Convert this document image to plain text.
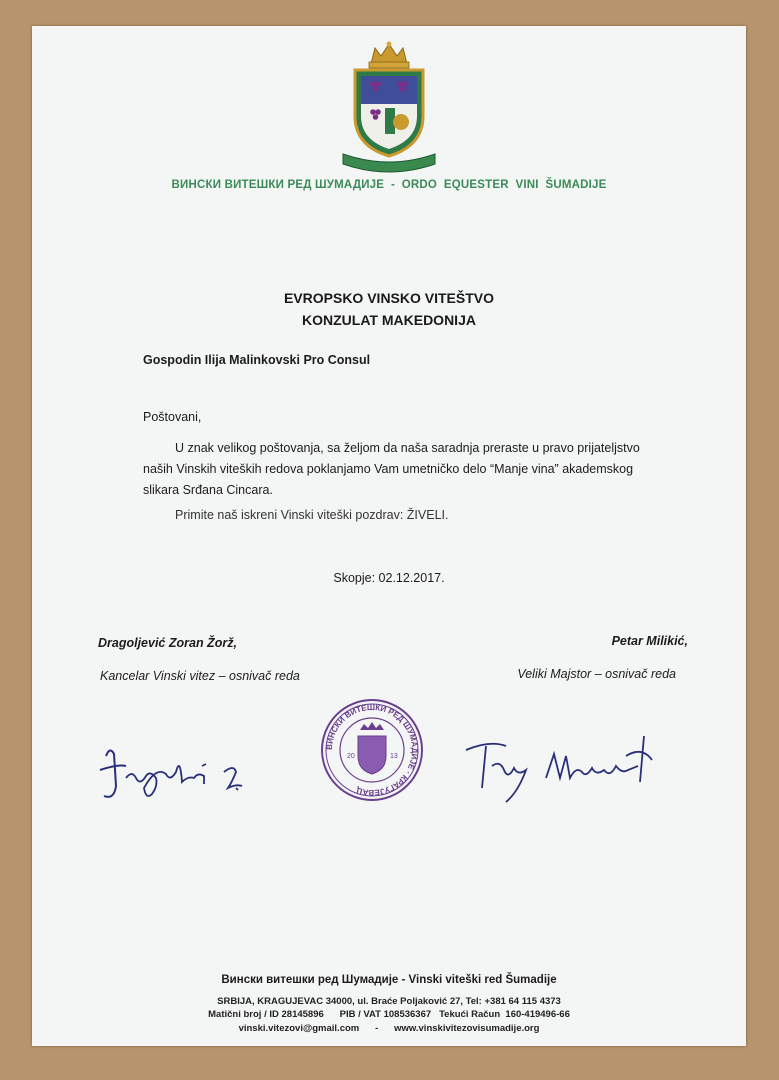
ВИНСКИ ВИТЕШКИ РЕД ШУМАДИЈЕ  -  ORDO  EQUESTER  VINI  ŠUMADIJE
EVROPSKO VINSKO VITEŠTVO
KONZULAT MAKEDONIJA
Gospodin Ilija Malinkovski Pro Consul
Poštovani,
U znak velikog poštovanja, sa željom da naša saradnja preraste u pravo prijateljstvo naših Vinskih viteških redova poklanjamo Vam umetničko delo “Manje vina” akademskog slikara Srđana Cincara.
Primite naš iskreni Vinski viteški pozdrav: ŽIVELI.
Skopje: 02.12.2017.
Dragoljević Zoran Žorž,
Kancelar Vinski vitez – osnivač reda
Petar Milikić,
Veliki Majstor – osnivač reda
ВИНСКИ ВИТЕШКИ РЕД ШУМАДИЈЕ · КРАГУЈЕВАЦ
20	13
Вински витешки ред Шумадије - Vinski viteški red Šumadije
SRBIJA, KRAGUJEVAC 34000, ul. Braće Poljaković 27, Tel: +381 64 115 4373
Matični broj / ID 28145896      PIB / VAT 108536367   Tekući Račun  160-419496-66
vinski.vitezovi@gmail.com      -      www.vinskivitezovisumadije.org
